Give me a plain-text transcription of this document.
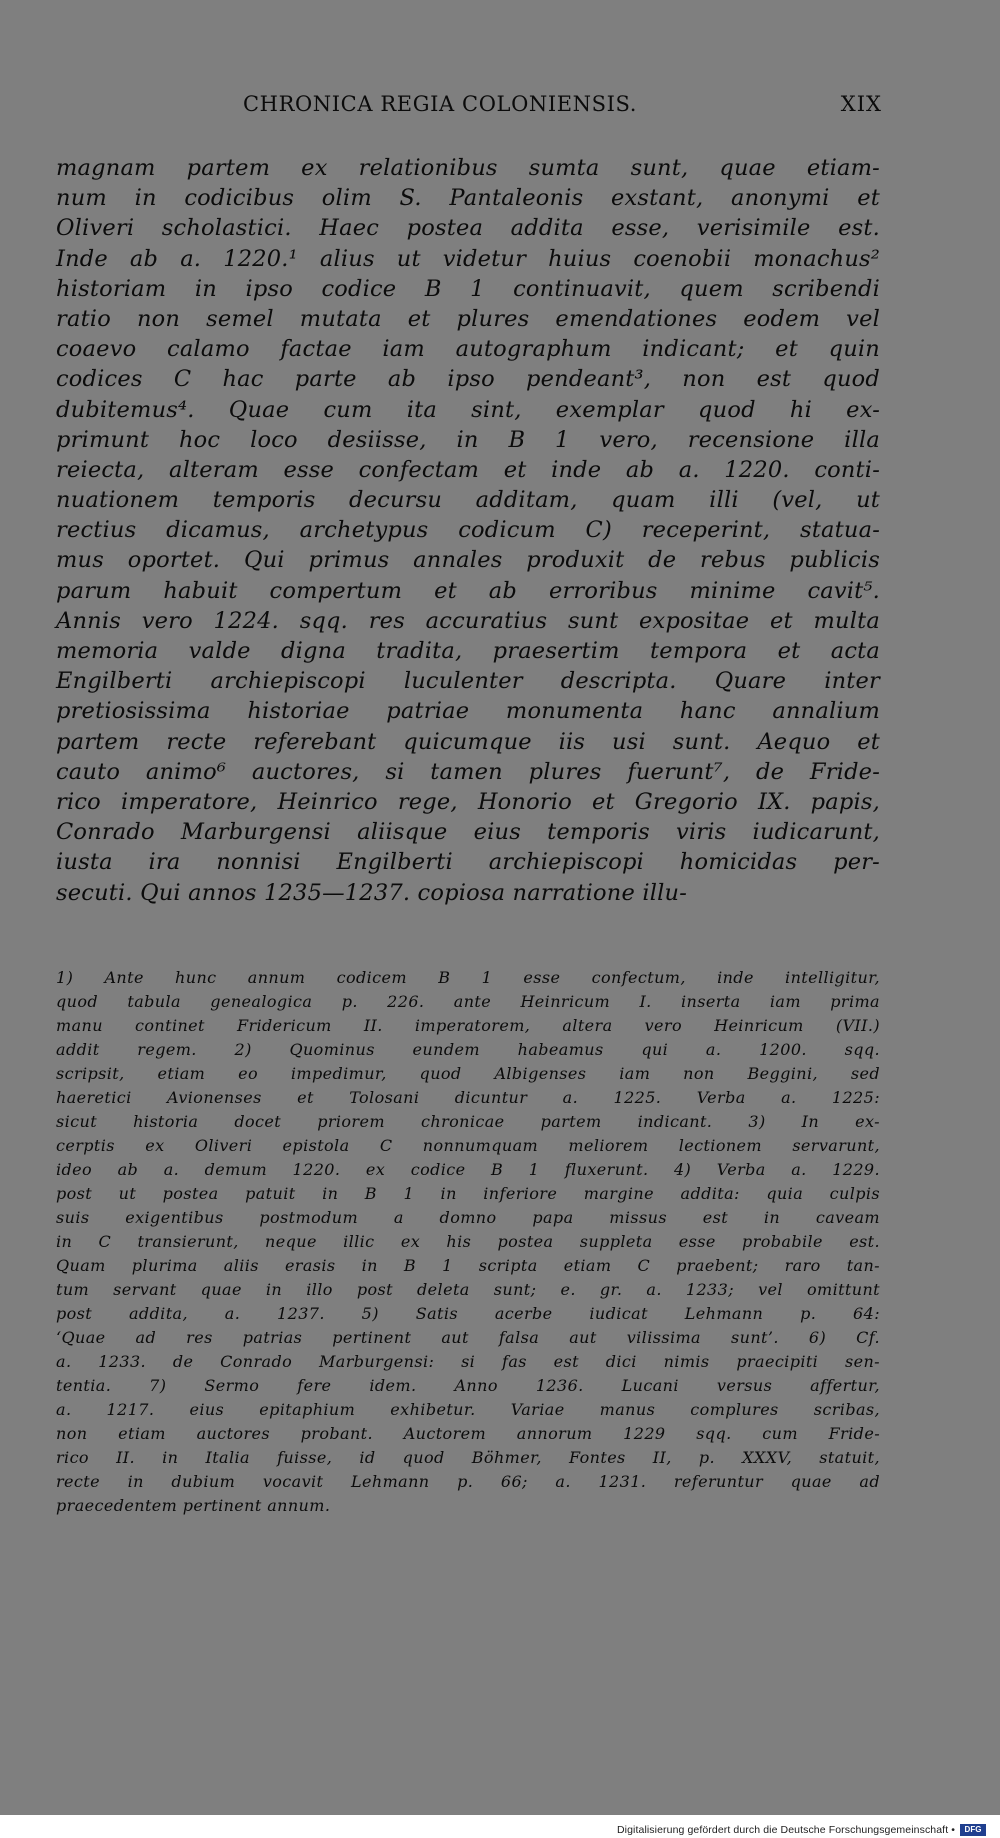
CHRONICA REGIA COLONIENSIS.	XIX
magnam partem ex relationibus sumta sunt, quae etiam-
num in codicibus olim S. Pantaleonis exstant, anonymi et
Oliveri scholastici. Haec postea addita esse, verisimile est.
Inde ab a. 1220.¹ alius ut videtur huius coenobii monachus²
historiam in ipso codice B 1 continuavit, quem scribendi
ratio non semel mutata et plures emendationes eodem vel
coaevo calamo factae iam autographum indicant; et quin
codices C hac parte ab ipso pendeant³, non est quod
dubitemus⁴. Quae cum ita sint, exemplar quod hi ex-
primunt hoc loco desiisse, in B 1 vero, recensione illa
reiecta, alteram esse confectam et inde ab a. 1220. conti-
nuationem temporis decursu additam, quam illi (vel, ut
rectius dicamus, archetypus codicum C) receperint, statua-
mus oportet. Qui primus annales produxit de rebus publicis
parum habuit compertum et ab erroribus minime cavit⁵.
Annis vero 1224. sqq. res accuratius sunt expositae et multa
memoria valde digna tradita, praesertim tempora et acta
Engilberti archiepiscopi luculenter descripta. Quare inter
pretiosissima historiae patriae monumenta hanc annalium
partem recte referebant quicumque iis usi sunt. Aequo et
cauto animo⁶ auctores, si tamen plures fuerunt⁷, de Fride-
rico imperatore, Heinrico rege, Honorio et Gregorio IX. papis,
Conrado Marburgensi aliisque eius temporis viris iudicarunt,
iusta ira nonnisi Engilberti archiepiscopi homicidas per-
secuti. Qui annos 1235—1237. copiosa narratione illu-
1) Ante hunc annum codicem B 1 esse confectum, inde intelligitur,
quod tabula genealogica p. 226. ante Heinricum I. inserta iam prima
manu continet Fridericum II. imperatorem, altera vero Heinricum (VII.)
addit regem. 2) Quominus eundem habeamus qui a. 1200. sqq.
scripsit, etiam eo impedimur, quod Albigenses iam non Beggini, sed
haeretici Avionenses et Tolosani dicuntur a. 1225. Verba a. 1225:
sicut historia docet priorem chronicae partem indicant. 3) In ex-
cerptis ex Oliveri epistola C nonnumquam meliorem lectionem servarunt,
ideo ab a. demum 1220. ex codice B 1 fluxerunt. 4) Verba a. 1229.
post ut postea patuit in B 1 in inferiore margine addita: quia culpis
suis exigentibus postmodum a domno papa missus est in caveam
in C transierunt, neque illic ex his postea suppleta esse probabile est.
Quam plurima aliis erasis in B 1 scripta etiam C praebent; raro tan-
tum servant quae in illo post deleta sunt; e. gr. a. 1233; vel omittunt
post addita, a. 1237. 5) Satis acerbe iudicat Lehmann p. 64:
‘Quae ad res patrias pertinent aut falsa aut vilissima sunt’. 6) Cf.
a. 1233. de Conrado Marburgensi: si fas est dici nimis praecipiti sen-
tentia. 7) Sermo fere idem. Anno 1236. Lucani versus affertur,
a. 1217. eius epitaphium exhibetur. Variae manus complures scribas,
non etiam auctores probant. Auctorem annorum 1229 sqq. cum Fride-
rico II. in Italia fuisse, id quod Böhmer, Fontes II, p. XXXV, statuit,
recte in dubium vocavit Lehmann p. 66; a. 1231. referuntur quae ad
praecedentem pertinent annum.
Digitalisierung gefördert durch die Deutsche Forschungsgemeinschaft •	DFG
